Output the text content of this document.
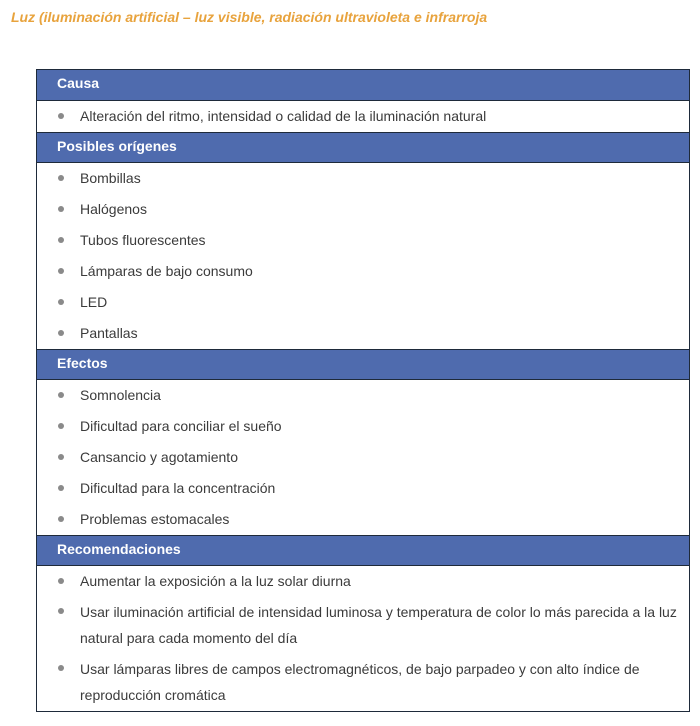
Luz (iluminación artificial – luz visible, radiación ultravioleta e infrarroja
Causa
Alteración del ritmo, intensidad o calidad de la iluminación natural
Posibles orígenes
Bombillas
Halógenos
Tubos fluorescentes
Lámparas de bajo consumo
LED
Pantallas
Efectos
Somnolencia
Dificultad para conciliar el sueño
Cansancio y agotamiento
Dificultad para la concentración
Problemas estomacales
Recomendaciones
Aumentar la exposición a la luz solar diurna
Usar iluminación artificial de intensidad luminosa y temperatura de color lo más parecida a la luz natural para cada momento del día
Usar lámparas libres de campos electromagnéticos, de bajo parpadeo y con alto índice de reproducción cromática
